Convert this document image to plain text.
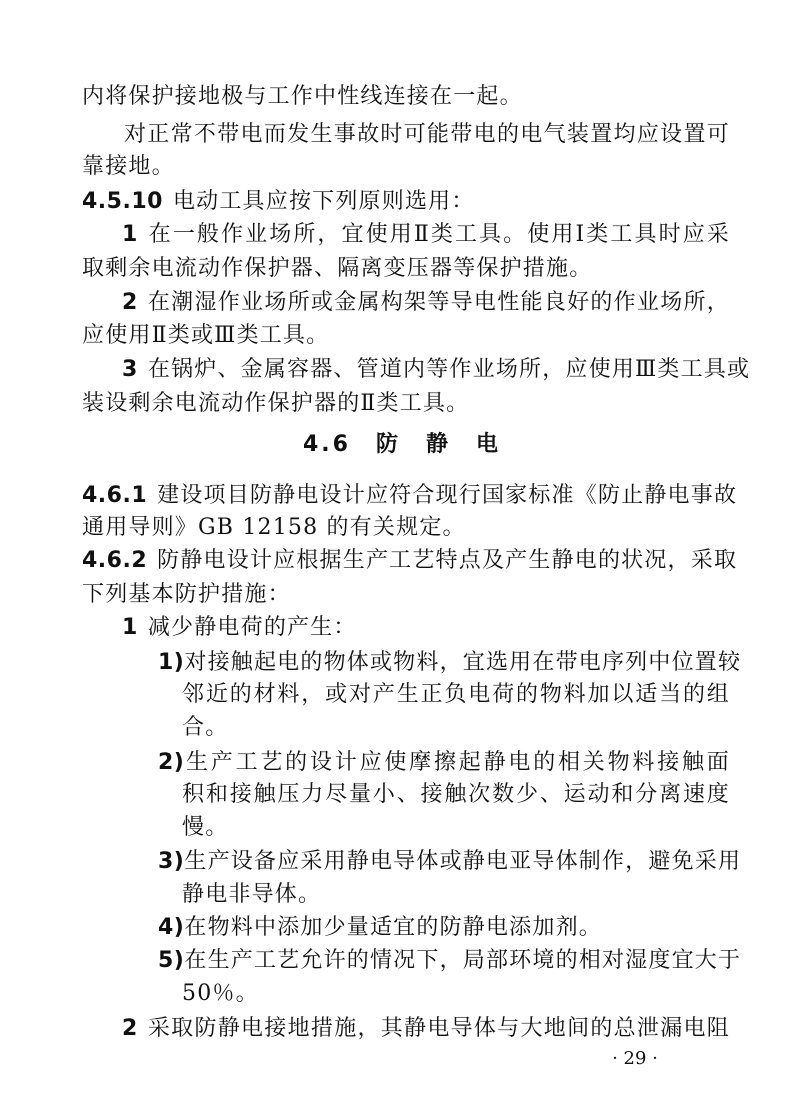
内将保护接地极与工作中性线连接在一起。
对正常不带电而发生事故时可能带电的电气装置均应设置可
靠接地。
4.5.10 电动工具应按下列原则选用：
1 在一般作业场所，宜使用Ⅱ类工具。使用Ⅰ类工具时应采
取剩余电流动作保护器、隔离变压器等保护措施。
2 在潮湿作业场所或金属构架等导电性能良好的作业场所，
应使用Ⅱ类或Ⅲ类工具。
3 在锅炉、金属容器、管道内等作业场所，应使用Ⅲ类工具或
装设剩余电流动作保护器的Ⅱ类工具。
4.6　防　静　电
4.6.1 建设项目防静电设计应符合现行国家标准《防止静电事故
通用导则》GB 12158 的有关规定。
4.6.2 防静电设计应根据生产工艺特点及产生静电的状况，采取
下列基本防护措施：
1 减少静电荷的产生：
1)对接触起电的物体或物料，宜选用在带电序列中位置较
邻近的材料，或对产生正负电荷的物料加以适当的组
合。
2)生产工艺的设计应使摩擦起静电的相关物料接触面
积和接触压力尽量小、接触次数少、运动和分离速度
慢。
3)生产设备应采用静电导体或静电亚导体制作，避免采用
静电非导体。
4)在物料中添加少量适宜的防静电添加剂。
5)在生产工艺允许的情况下，局部环境的相对湿度宜大于
50％。
2 采取防静电接地措施，其静电导体与大地间的总泄漏电阻
· 29 ·
